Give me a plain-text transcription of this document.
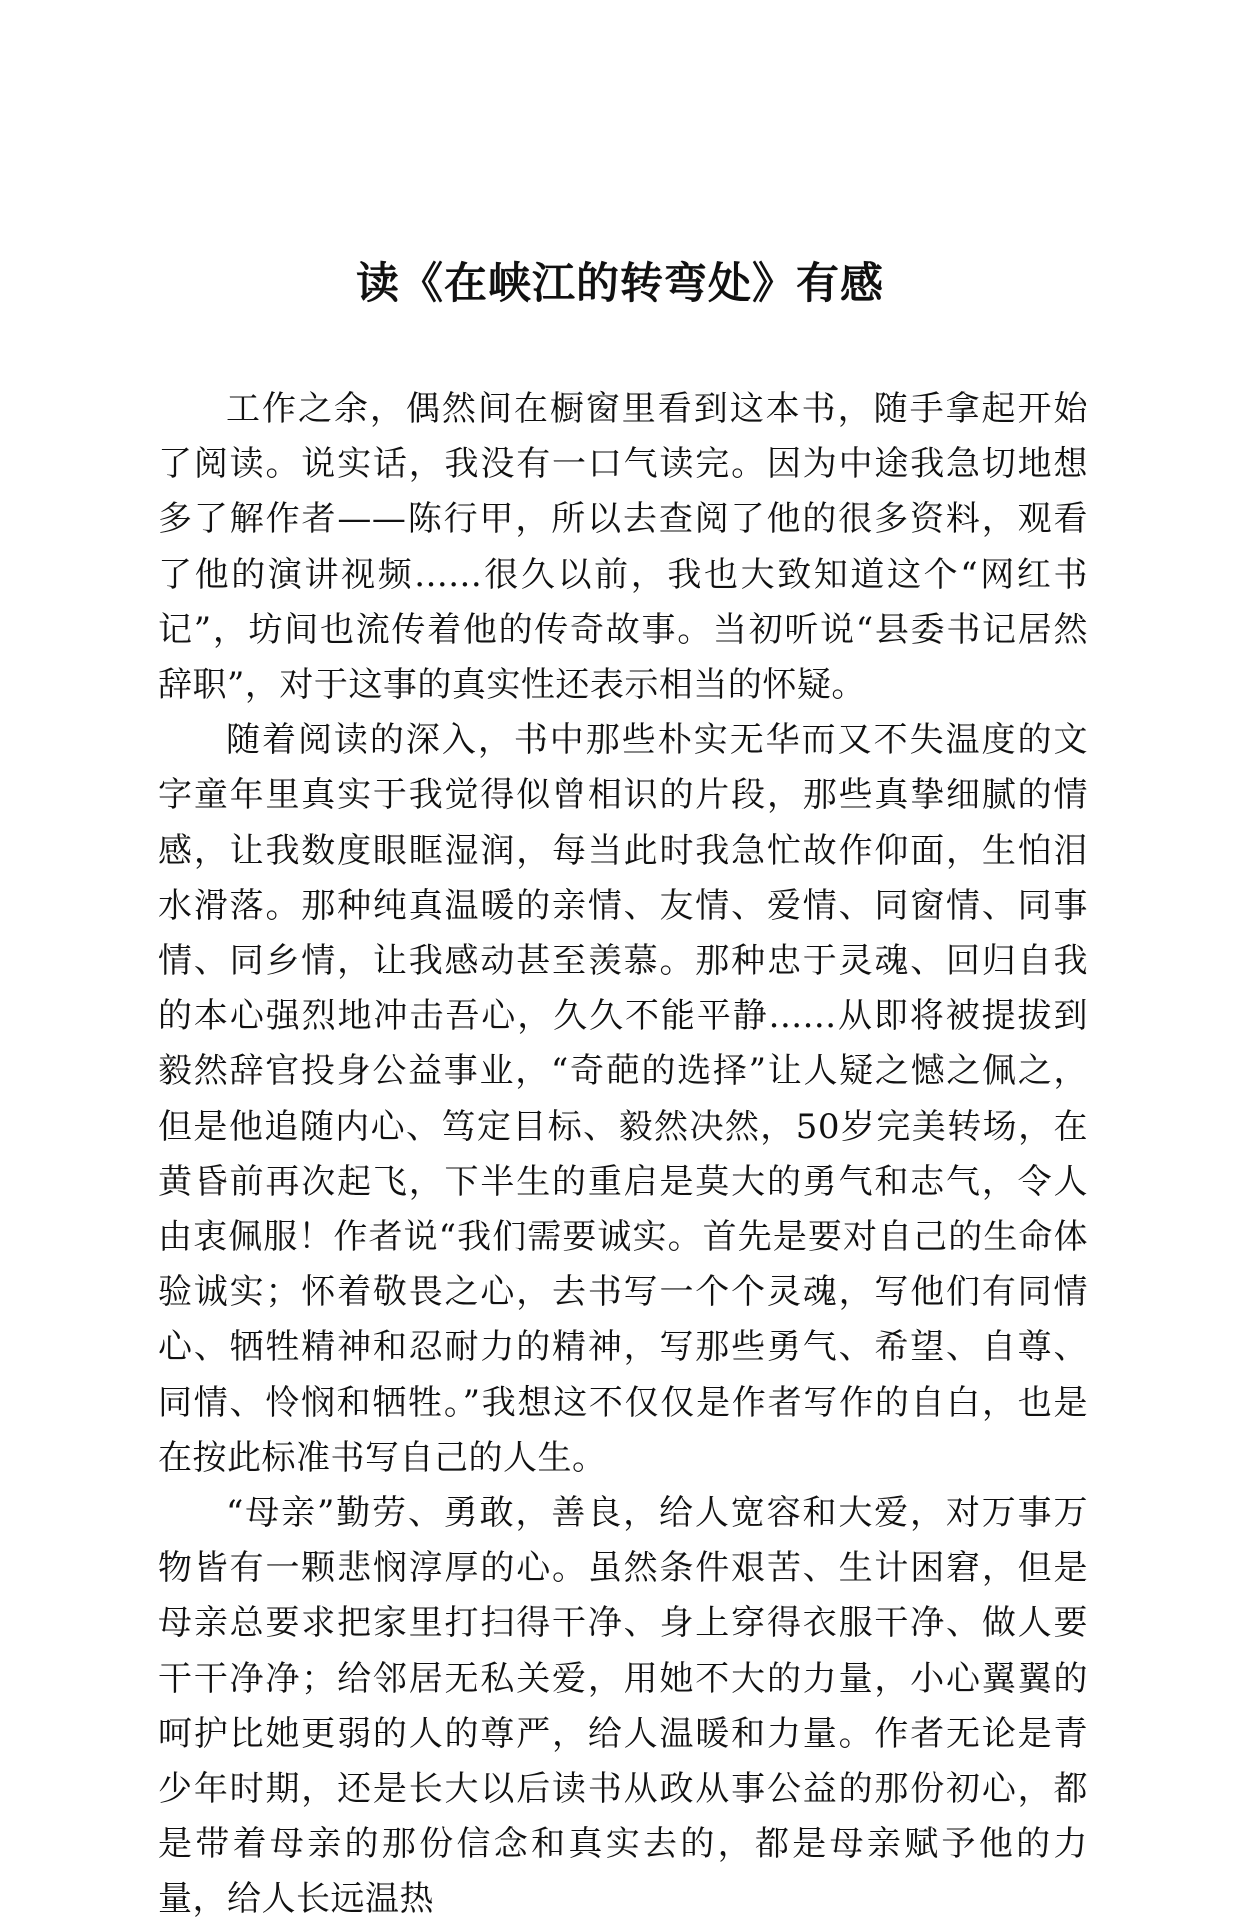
读《在峡江的转弯处》有感

工作之余，偶然间在橱窗里看到这本书，随手拿起开始了阅读。说实话，我没有一口气读完。因为中途我急切地想多了解作者——陈行甲，所以去查阅了他的很多资料，观看了他的演讲视频......很久以前，我也大致知道这个“网红书记”，坊间也流传着他的传奇故事。当初听说“县委书记居然辞职”，对于这事的真实性还表示相当的怀疑。

随着阅读的深入，书中那些朴实无华而又不失温度的文字童年里真实于我觉得似曾相识的片段，那些真挚细腻的情感，让我数度眼眶湿润，每当此时我急忙故作仰面，生怕泪水滑落。那种纯真温暖的亲情、友情、爱情、同窗情、同事情、同乡情，让我感动甚至羡慕。那种忠于灵魂、回归自我的本心强烈地冲击吾心，久久不能平静......从即将被提拔到毅然辞官投身公益事业，“奇葩的选择”让人疑之憾之佩之，但是他追随内心、笃定目标、毅然决然，50岁完美转场，在黄昏前再次起飞，下半生的重启是莫大的勇气和志气，令人由衷佩服！作者说“我们需要诚实。首先是要对自己的生命体验诚实；怀着敬畏之心，去书写一个个灵魂，写他们有同情心、牺牲精神和忍耐力的精神，写那些勇气、希望、自尊、同情、怜悯和牺牲。”我想这不仅仅是作者写作的自白，也是在按此标准书写自己的人生。

“母亲”勤劳、勇敢，善良，给人宽容和大爱，对万事万物皆有一颗悲悯淳厚的心。虽然条件艰苦、生计困窘，但是母亲总要求把家里打扫得干净、身上穿得衣服干净、做人要干干净净；给邻居无私关爱，用她不大的力量，小心翼翼的呵护比她更弱的人的尊严，给人温暖和力量。作者无论是青少年时期，还是长大以后读书从政从事公益的那份初心，都是带着母亲的那份信念和真实去的，都是母亲赋予他的力量，给人长远温热
